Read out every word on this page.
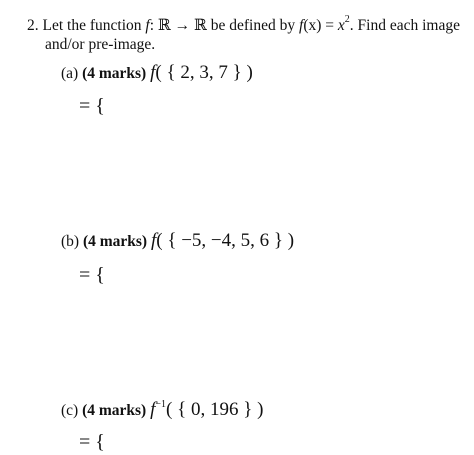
2. Let the function f: ℝ → ℝ be defined by $f(x) = x^2$. Find each image
and/or pre-image.
(a) (4 marks) f( { 2, 3, 7 } )
= {
(b) (4 marks) f( { −5, −4, 5, 6 } )
= {
(c) (4 marks) $f^{-1}$( { 0, 196 } )
= {
